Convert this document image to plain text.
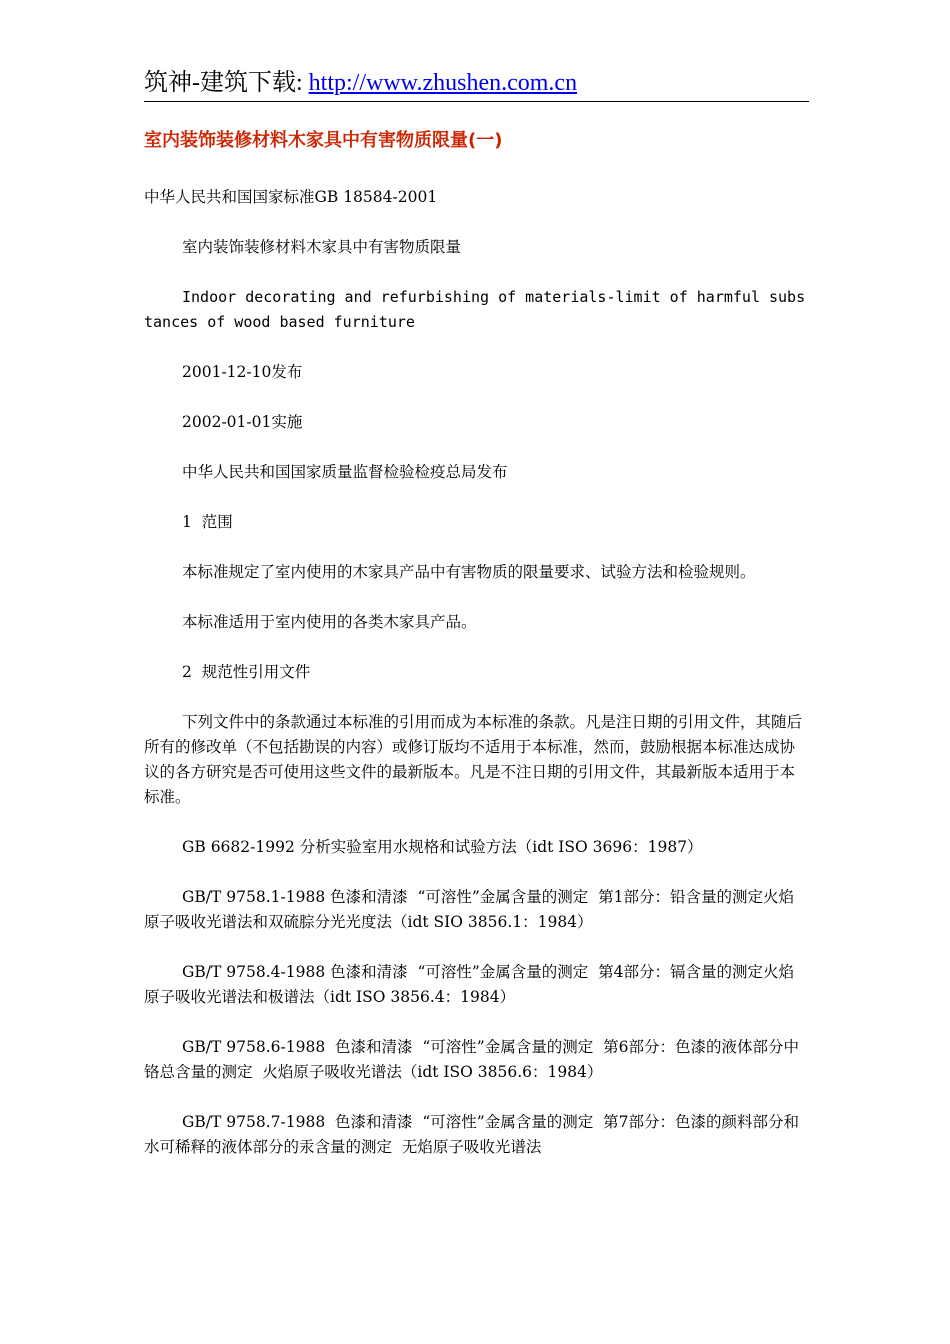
筑神-建筑下载: http://www.zhushen.com.cn
室内装饰装修材料木家具中有害物质限量(一)

中华人民共和国国家标准GB 18584-2001

室内装饰装修材料木家具中有害物质限量

Indoor decorating and refurbishing of materials-limit of harmful substances of wood based furniture

2001-12-10发布

2002-01-01实施

中华人民共和国国家质量监督检验检疫总局发布

1  范围

本标准规定了室内使用的木家具产品中有害物质的限量要求、试验方法和检验规则。

本标准适用于室内使用的各类木家具产品。

2  规范性引用文件

下列文件中的条款通过本标准的引用而成为本标准的条款。凡是注日期的引用文件，其随后所有的修改单（不包括勘误的内容）或修订版均不适用于本标准，然而，鼓励根据本标准达成协议的各方研究是否可使用这些文件的最新版本。凡是不注日期的引用文件，其最新版本适用于本标准。

GB 6682-1992 分析实验室用水规格和试验方法（idt ISO 3696：1987）

GB/T 9758.1-1988 色漆和清漆  “可溶性”金属含量的测定  第1部分：铅含量的测定火焰原子吸收光谱法和双硫腙分光光度法（idt SIO 3856.1：1984）

GB/T 9758.4-1988 色漆和清漆  “可溶性”金属含量的测定  第4部分：镉含量的测定火焰原子吸收光谱法和极谱法（idt ISO 3856.4：1984）

GB/T 9758.6-1988  色漆和清漆  “可溶性”金属含量的测定  第6部分：色漆的液体部分中铬总含量的测定  火焰原子吸收光谱法（idt ISO 3856.6：1984）

GB/T 9758.7-1988  色漆和清漆  “可溶性”金属含量的测定  第7部分：色漆的颜料部分和水可稀释的液体部分的汞含量的测定  无焰原子吸收光谱法
